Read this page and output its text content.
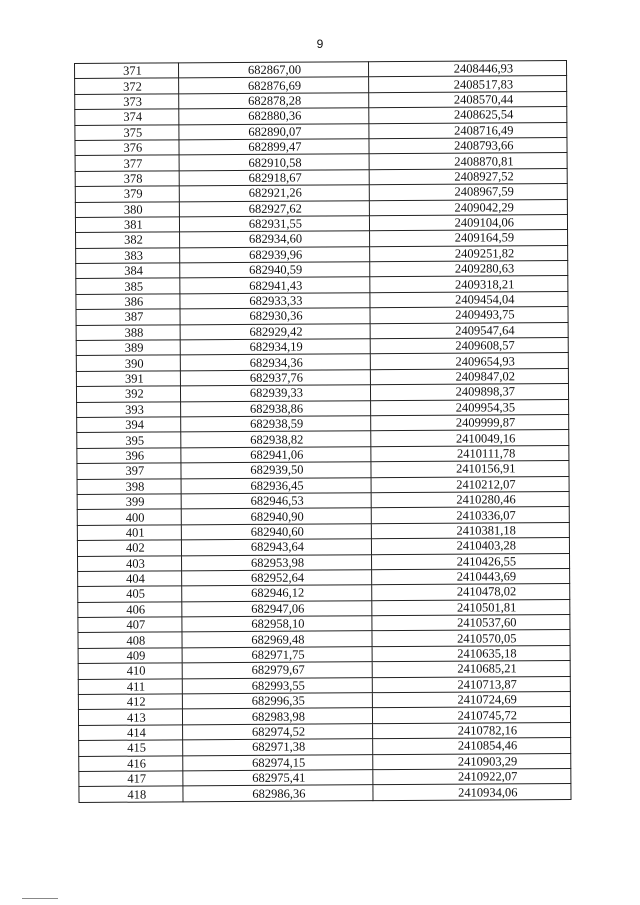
9
371	682867,00	2408446,93
372	682876,69	2408517,83
373	682878,28	2408570,44
374	682880,36	2408625,54
375	682890,07	2408716,49
376	682899,47	2408793,66
377	682910,58	2408870,81
378	682918,67	2408927,52
379	682921,26	2408967,59
380	682927,62	2409042,29
381	682931,55	2409104,06
382	682934,60	2409164,59
383	682939,96	2409251,82
384	682940,59	2409280,63
385	682941,43	2409318,21
386	682933,33	2409454,04
387	682930,36	2409493,75
388	682929,42	2409547,64
389	682934,19	2409608,57
390	682934,36	2409654,93
391	682937,76	2409847,02
392	682939,33	2409898,37
393	682938,86	2409954,35
394	682938,59	2409999,87
395	682938,82	2410049,16
396	682941,06	2410111,78
397	682939,50	2410156,91
398	682936,45	2410212,07
399	682946,53	2410280,46
400	682940,90	2410336,07
401	682940,60	2410381,18
402	682943,64	2410403,28
403	682953,98	2410426,55
404	682952,64	2410443,69
405	682946,12	2410478,02
406	682947,06	2410501,81
407	682958,10	2410537,60
408	682969,48	2410570,05
409	682971,75	2410635,18
410	682979,67	2410685,21
411	682993,55	2410713,87
412	682996,35	2410724,69
413	682983,98	2410745,72
414	682974,52	2410782,16
415	682971,38	2410854,46
416	682974,15	2410903,29
417	682975,41	2410922,07
418	682986,36	2410934,06
